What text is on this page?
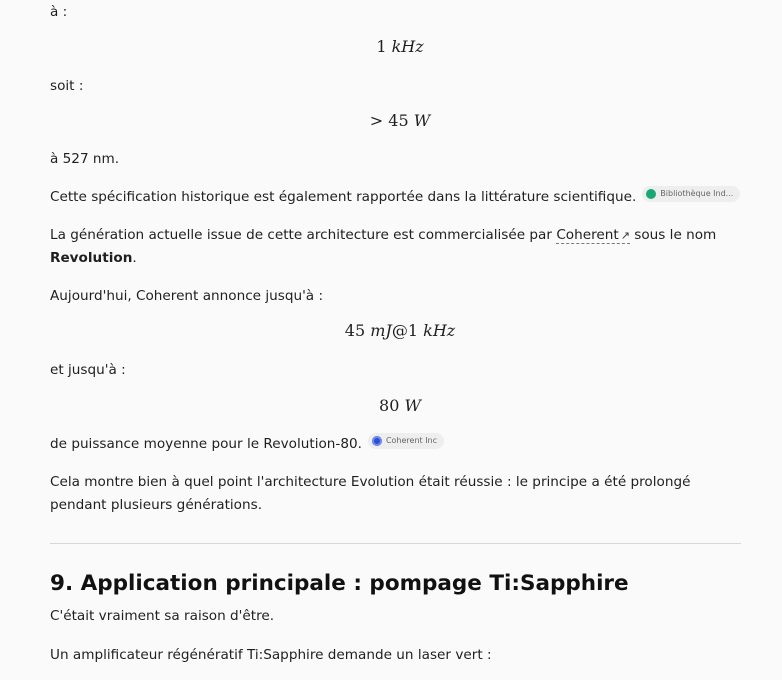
à :
1 kHz
soit :
> 45 W
à 527 nm.
Cette spécification historique est également rapportée dans la littérature scientifique.	Bibliothèque Ind...
La génération actuelle issue de cette architecture est commercialisée par Coherent ↗ sous le nom
Revolution.
Aujourd'hui, Coherent annonce jusqu'à :
45 mJ@1 kHz
et jusqu'à :
80 W
de puissance moyenne pour le Revolution-80.	Coherent Inc
Cela montre bien à quel point l'architecture Evolution était réussie : le principe a été prolongé pendant plusieurs générations.
9. Application principale : pompage Ti:Sapphire
C'était vraiment sa raison d'être.
Un amplificateur régénératif Ti:Sapphire demande un laser vert :
